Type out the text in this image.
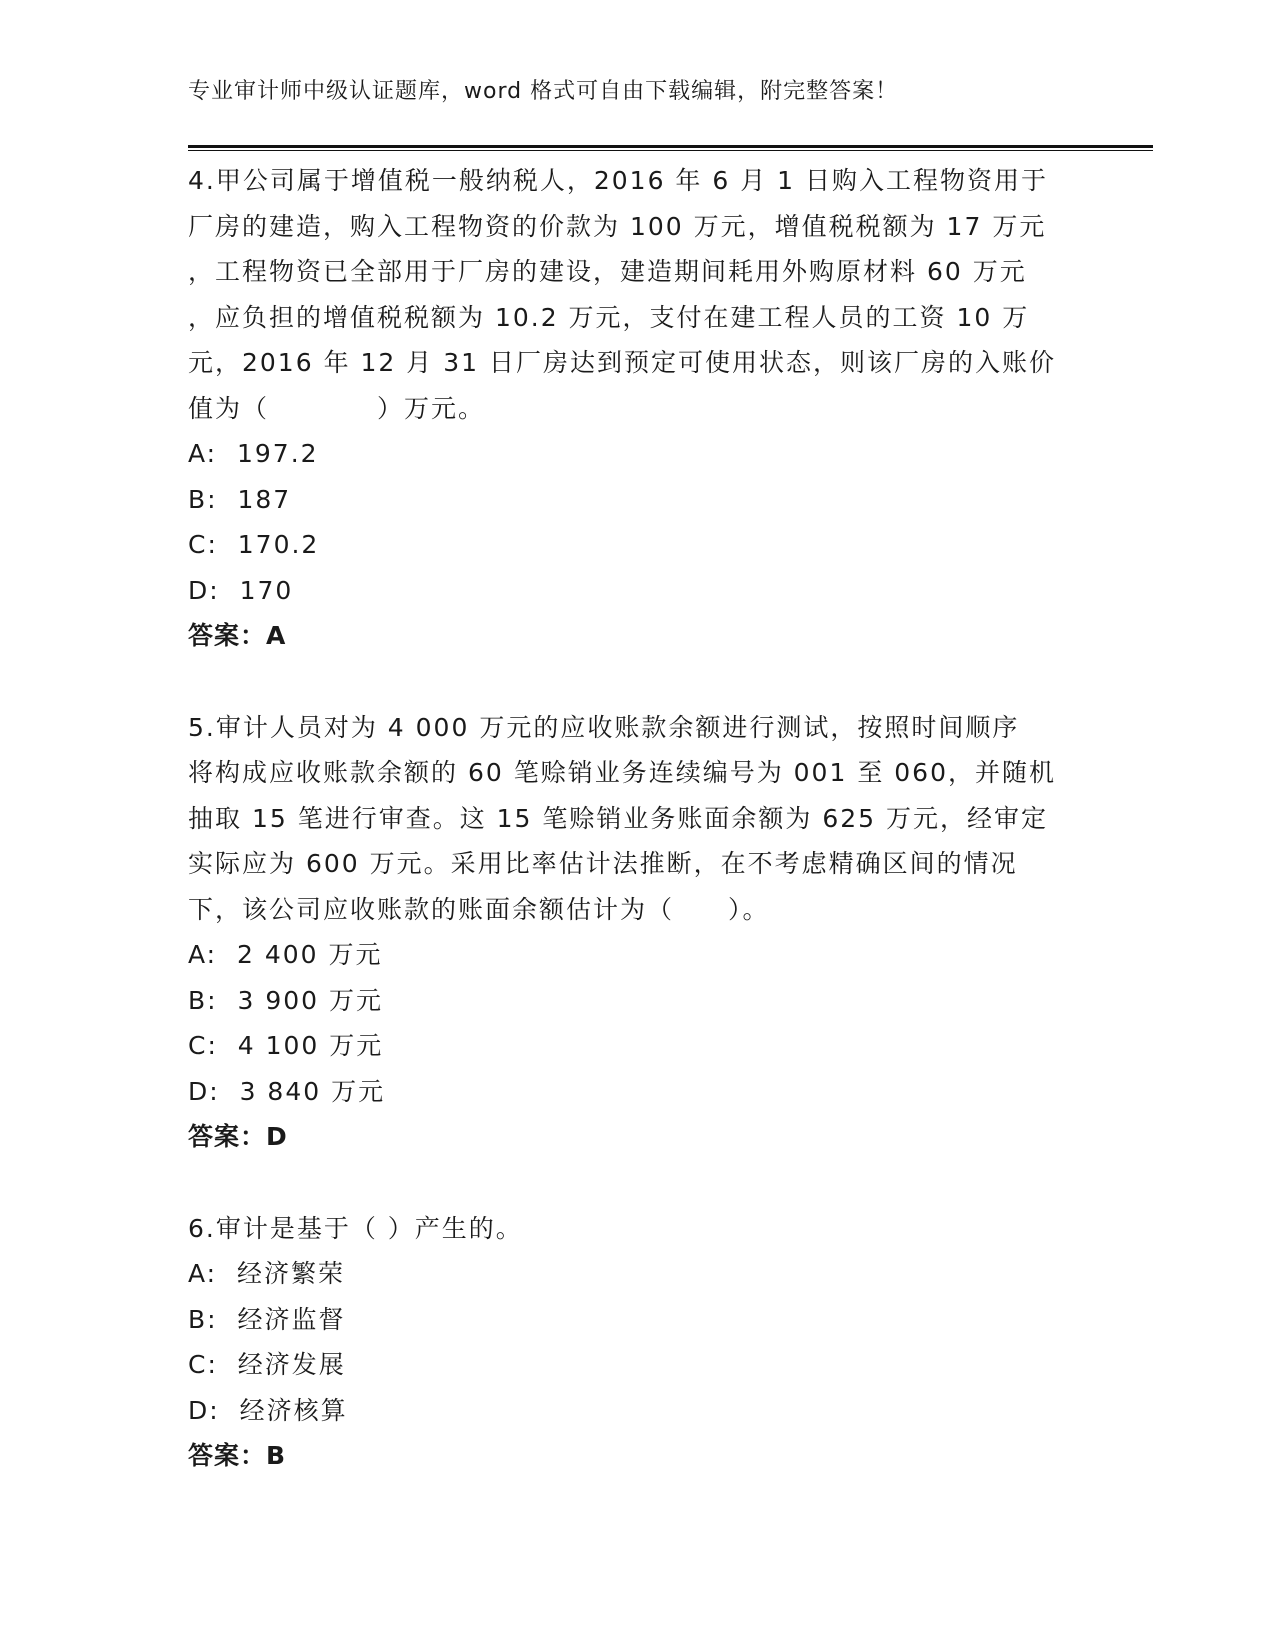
专业审计师中级认证题库，word 格式可自由下载编辑，附完整答案！

4.甲公司属于增值税一般纳税人，2016 年 6 月 1 日购入工程物资用于

厂房的建造，购入工程物资的价款为 100 万元，增值税税额为 17 万元

，工程物资已全部用于厂房的建设，建造期间耗用外购原材料 60 万元

，应负担的增值税税额为 10.2 万元，支付在建工程人员的工资 10 万

元，2016 年 12 月 31 日厂房达到预定可使用状态，则该厂房的入账价

值为（　　　　）万元。

A:  197.2

B:  187

C:  170.2

D:  170

答案：A

5.审计人员对为 4 000 万元的应收账款余额进行测试，按照时间顺序

将构成应收账款余额的 60 笔赊销业务连续编号为 001 至 060，并随机

抽取 15 笔进行审查。这 15 笔赊销业务账面余额为 625 万元，经审定

实际应为 600 万元。采用比率估计法推断，在不考虑精确区间的情况

下，该公司应收账款的账面余额估计为（　　）。

A:  2 400 万元

B:  3 900 万元

C:  4 100 万元

D:  3 840 万元

答案：D

6.审计是基于（ ）产生的。

A:  经济繁荣

B:  经济监督

C:  经济发展

D:  经济核算

答案：B
